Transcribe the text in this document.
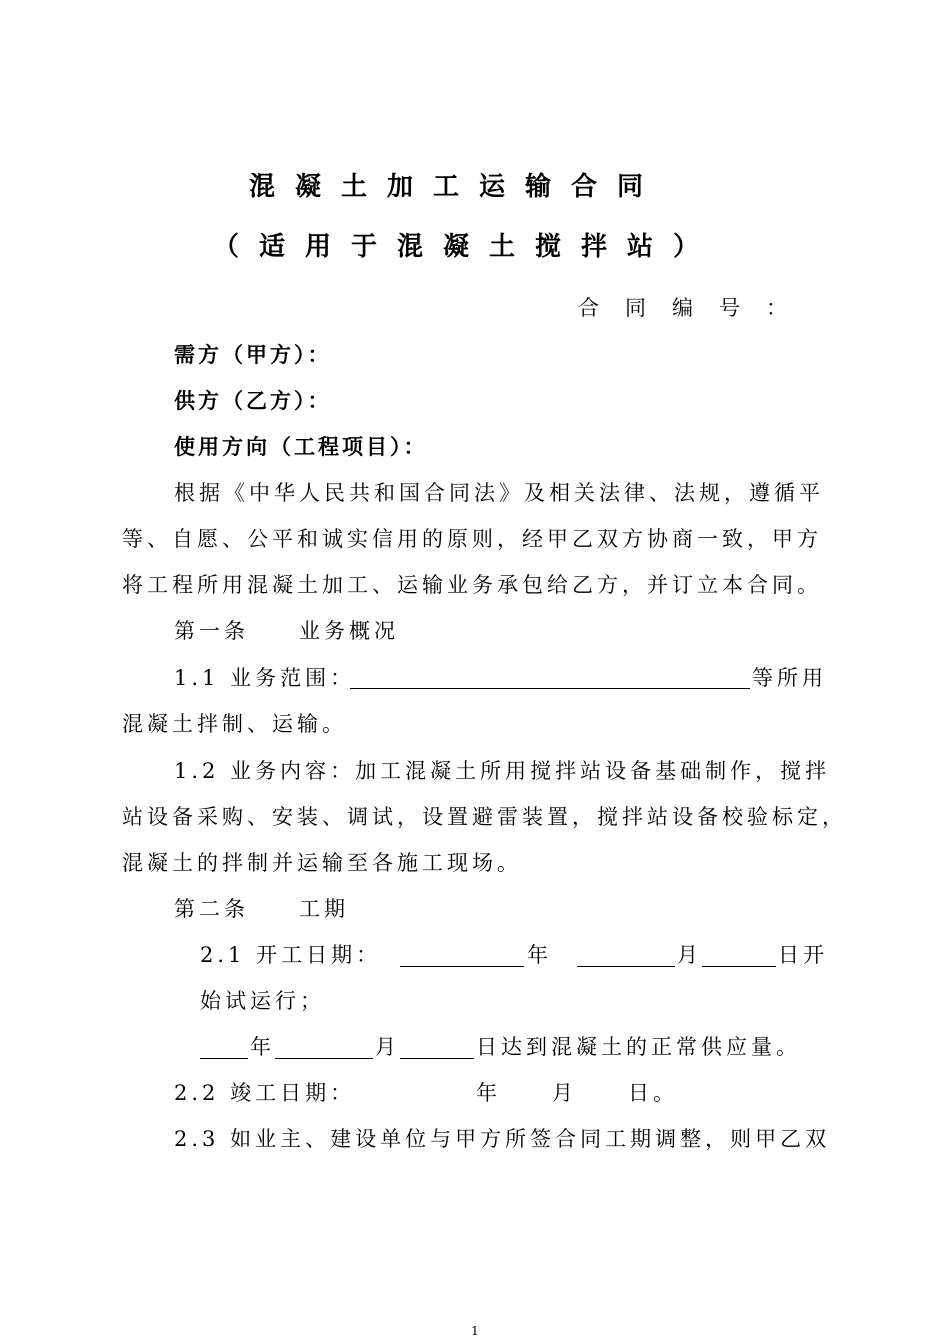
混凝土加工运输合同
（适用于混凝土搅拌站）
合同编号：
需方（甲方）：
供方（乙方）：
使用方向（工程项目）：
根据《中华人民共和国合同法》及相关法律、法规，遵循平
等、自愿、公平和诚实信用的原则，经甲乙双方协商一致，甲方
将工程所用混凝土加工、运输业务承包给乙方，并订立本合同。
第一条　　业务概况
1.1 业务范围：	等所用
混凝土拌制、运输。
1.2 业务内容：加工混凝土所用搅拌站设备基础制作，搅拌
站设备采购、安装、调试，设置避雷装置，搅拌站设备校验标定，
混凝土的拌制并运输至各施工现场。
第二条　　工期
2.1 开工日期：	年	月	日开
始试运行；
年	月	日达到混凝土的正常供应量。
2.2 竣工日期：	年 月 日。
2.3 如业主、建设单位与甲方所签合同工期调整，则甲乙双
1
